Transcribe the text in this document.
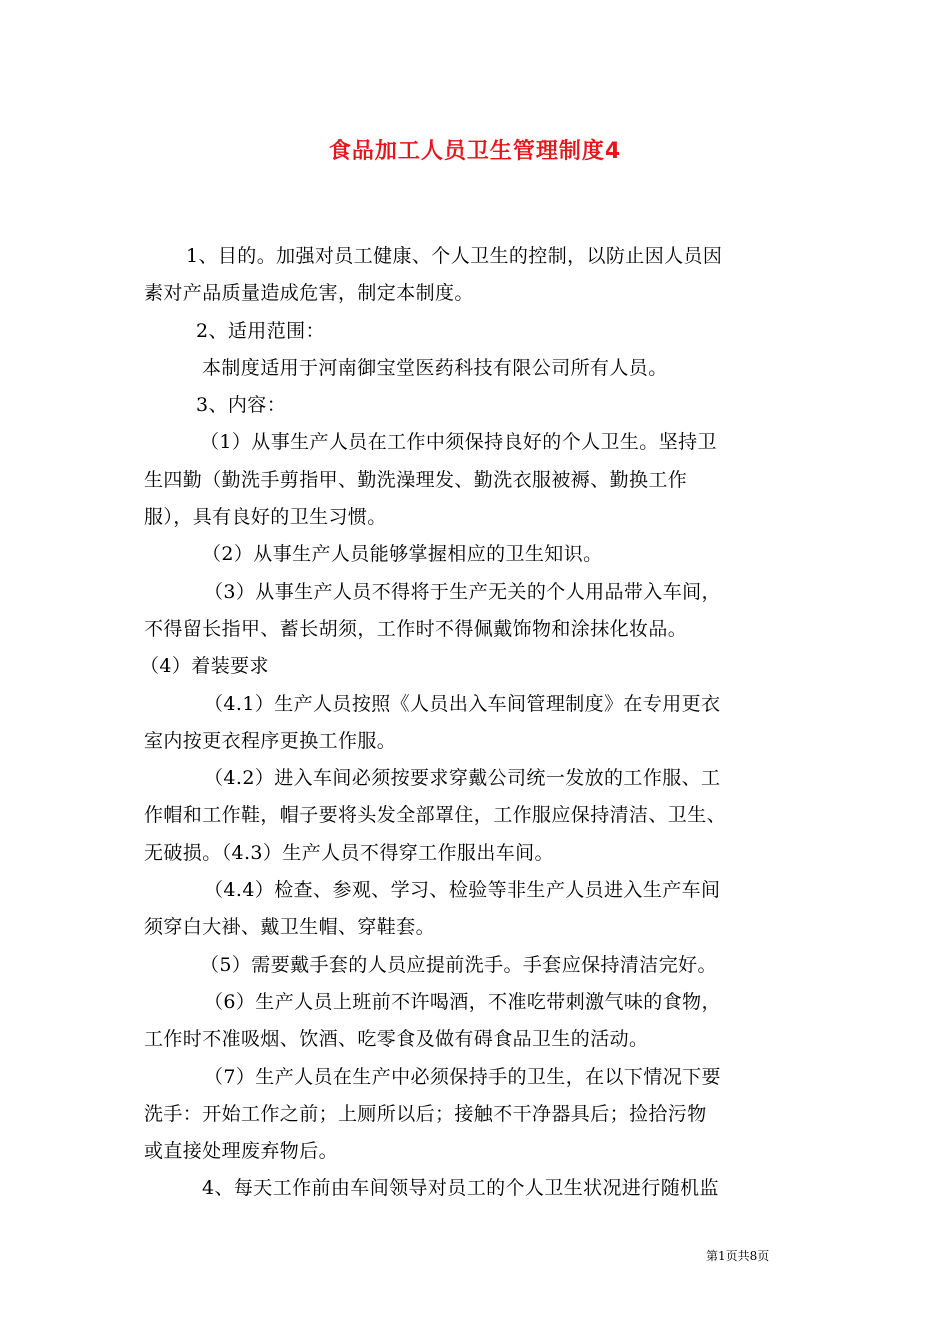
食品加工人员卫生管理制度4
1、目的。加强对员工健康、个人卫生的控制，以防止因人员因
素对产品质量造成危害，制定本制度。
2、适用范围：
本制度适用于河南御宝堂医药科技有限公司所有人员。
3、内容：
（1）从事生产人员在工作中须保持良好的个人卫生。坚持卫
生四勤（勤洗手剪指甲、勤洗澡理发、勤洗衣服被褥、勤换工作
服），具有良好的卫生习惯。
（2）从事生产人员能够掌握相应的卫生知识。
（3）从事生产人员不得将于生产无关的个人用品带入车间，
不得留长指甲、蓄长胡须，工作时不得佩戴饰物和涂抹化妆品。
（4）着装要求
（4.1）生产人员按照《人员出入车间管理制度》在专用更衣
室内按更衣程序更换工作服。
（4.2）进入车间必须按要求穿戴公司统一发放的工作服、工
作帽和工作鞋，帽子要将头发全部罩住，工作服应保持清洁、卫生、
无破损。（4.3）生产人员不得穿工作服出车间。
（4.4）检查、参观、学习、检验等非生产人员进入生产车间
须穿白大褂、戴卫生帽、穿鞋套。
（5）需要戴手套的人员应提前洗手。手套应保持清洁完好。
（6）生产人员上班前不许喝酒，不准吃带刺激气味的食物，
工作时不准吸烟、饮酒、吃零食及做有碍食品卫生的活动。
（7）生产人员在生产中必须保持手的卫生，在以下情况下要
洗手：开始工作之前；上厕所以后；接触不干净器具后；捡拾污物
或直接处理废弃物后。
4、每天工作前由车间领导对员工的个人卫生状况进行随机监
第1页共8页
